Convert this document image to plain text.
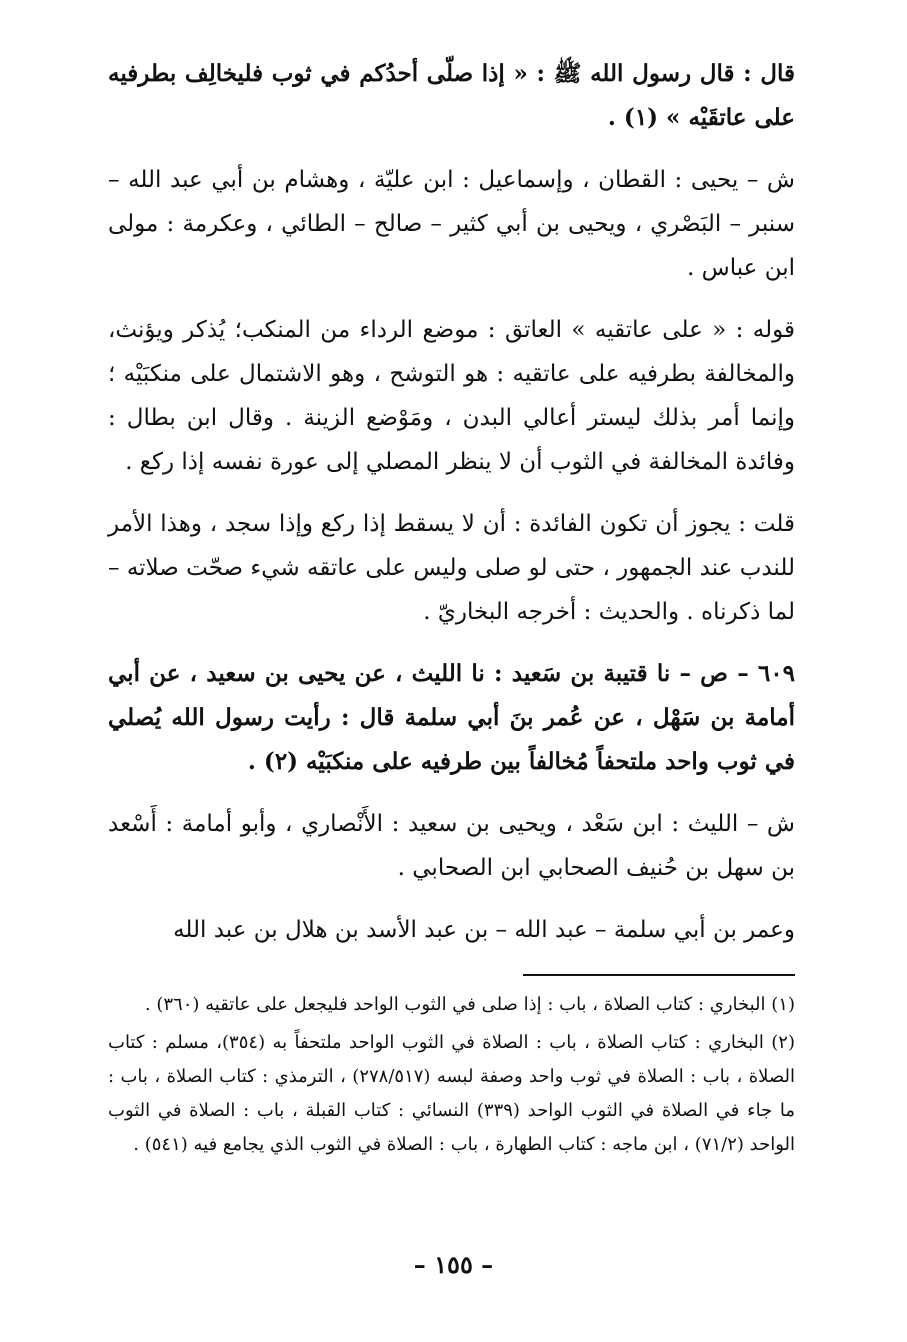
قال : قال رسول الله ﷺ : « إذا صلّى أحدُكم في ثوب فليخالِف بطرفيه على عاتقَيْه » (١) .

ش – يحيى : القطان ، وإسماعيل : ابن عليّة ، وهشام بن أبي عبد الله – سنبر – البَصْري ، ويحيى بن أبي كثير – صالح – الطائي ، وعكرمة : مولى ابن عباس .

قوله : « على عاتقيه » العاتق : موضع الرداء من المنكب؛ يُذكر ويؤنث، والمخالفة بطرفيه على عاتقيه : هو التوشح ، وهو الاشتمال على منكبَيْه ؛ وإنما أمر بذلك ليستر أعالي البدن ، ومَوْضع الزينة . وقال ابن بطال : وفائدة المخالفة في الثوب أن لا ينظر المصلي إلى عورة نفسه إذا ركع .

قلت : يجوز أن تكون الفائدة : أن لا يسقط إذا ركع وإذا سجد ، وهذا الأمر للندب عند الجمهور ، حتى لو صلى وليس على عاتقه شيء صحّت صلاته – لما ذكرناه . والحديث : أخرجه البخاريّ .

٦٠٩ – ص – نا قتيبة بن سَعيد : نا الليث ، عن يحيى بن سعيد ، عن أبي أمامة بن سَهْل ، عن عُمر بنَ أبي سلمة قال : رأيت رسول الله يُصلي في ثوب واحد ملتحفاً مُخالفاً بين طرفيه على منكبَيْه (٢) .

ش – الليث : ابن سَعْد ، ويحيى بن سعيد : الأَنْصاري ، وأبو أمامة : أَسْعد بن سهل بن حُنيف الصحابي ابن الصحابي .

وعمر بن أبي سلمة – عبد الله – بن عبد الأسد بن هلال بن عبد الله

(١) البخاري : كتاب الصلاة ، باب : إذا صلى في الثوب الواحد فليجعل على عاتقيه (٣٦٠) .

(٢) البخاري : كتاب الصلاة ، باب : الصلاة في الثوب الواحد ملتحفاً به (٣٥٤)، مسلم : كتاب الصلاة ، باب : الصلاة في ثوب واحد وصفة لبسه (٢٧٨/٥١٧) ، الترمذي : كتاب الصلاة ، باب : ما جاء في الصلاة في الثوب الواحد (٣٣٩) النسائي : كتاب القبلة ، باب : الصلاة في الثوب الواحد (٧١/٢) ، ابن ماجه : كتاب الطهارة ، باب : الصلاة في الثوب الذي يجامع فيه (٥٤١) .

– ١٥٥ –
